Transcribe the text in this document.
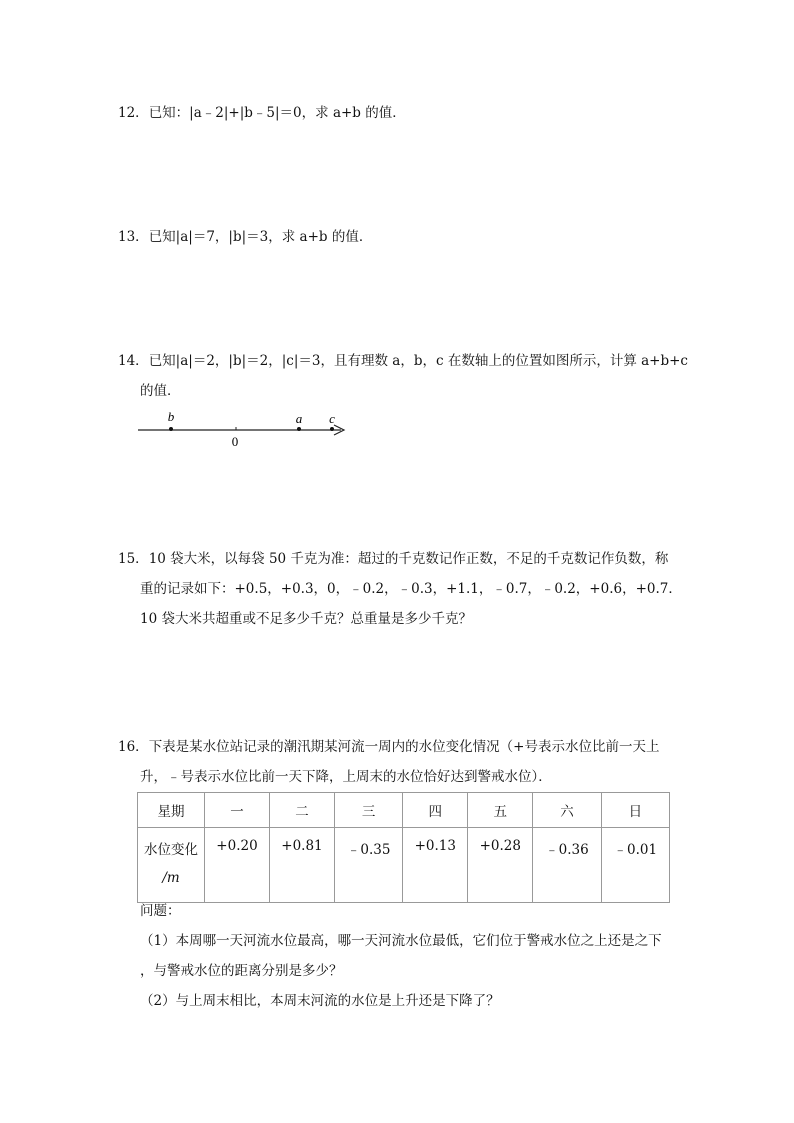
12．已知：|a﹣2|+|b﹣5|＝0，求 a+b 的值．
13．已知|a|＝7，|b|＝3，求 a+b 的值．
14．已知|a|＝2，|b|＝2，|c|＝3，且有理数 a，b，c 在数轴上的位置如图所示，计算 a+b+c
的值．
b	a c
0
15．10 袋大米，以每袋 50 千克为准：超过的千克数记作正数，不足的千克数记作负数，称
重的记录如下：+0.5，+0.3，0，﹣0.2，﹣0.3，+1.1，﹣0.7，﹣0.2，+0.6，+0.7．
10 袋大米共超重或不足多少千克？总重量是多少千克？
16．下表是某水位站记录的潮汛期某河流一周内的水位变化情况（+号表示水位比前一天上
升，﹣号表示水位比前一天下降，上周末的水位恰好达到警戒水位）．
星期	一	二	三	四	五	六	日
水位变化
/m	+0.20	+0.81	﹣0.35	+0.13	+0.28	﹣0.36	﹣0.01
问题：
（1）本周哪一天河流水位最高，哪一天河流水位最低，它们位于警戒水位之上还是之下
，与警戒水位的距离分别是多少？
（2）与上周末相比，本周末河流的水位是上升还是下降了？
